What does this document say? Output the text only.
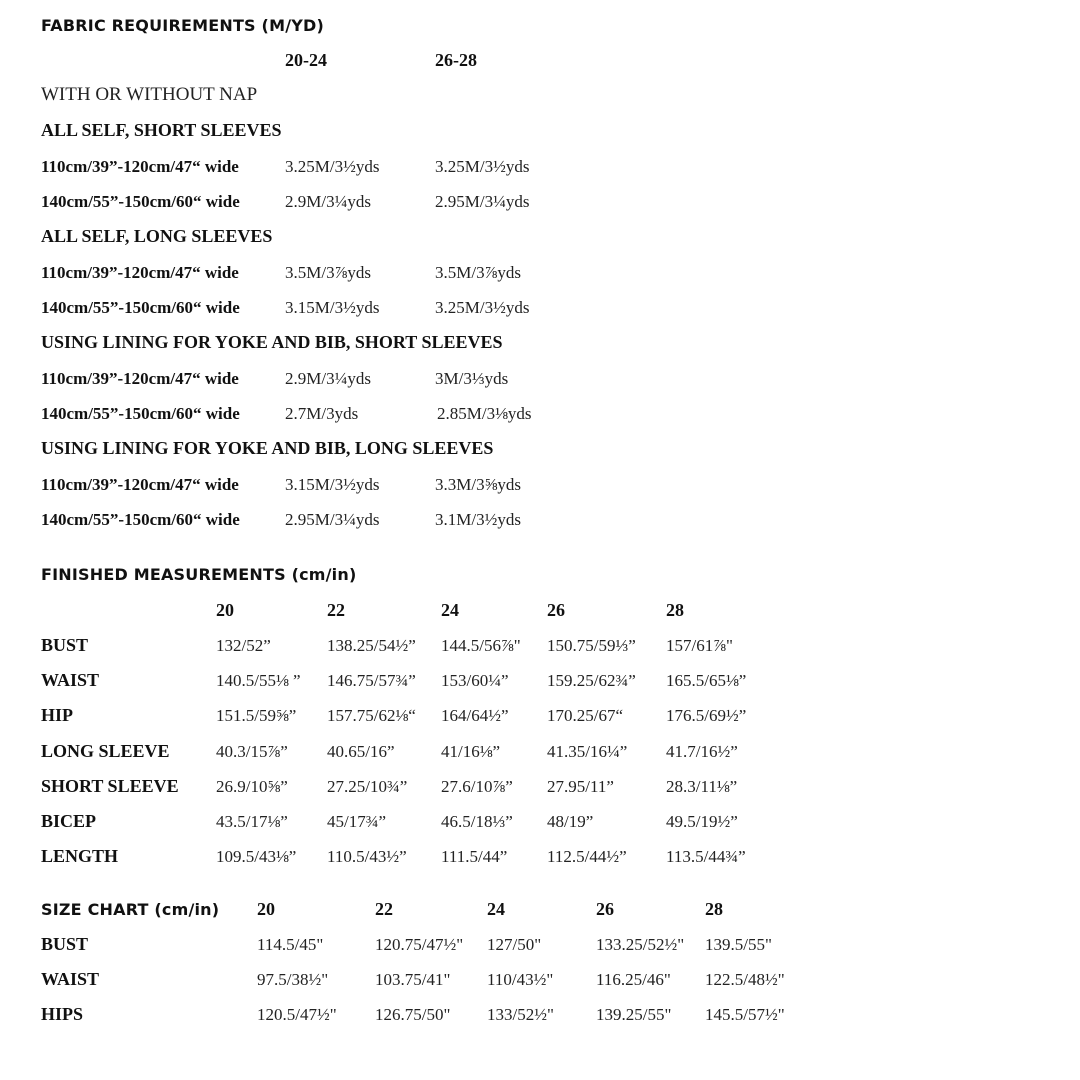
FABRIC REQUIREMENTS (M/YD)
20-24	26-28
WITH OR WITHOUT NAP
ALL SELF, SHORT SLEEVES
110cm/39”-120cm/47“ wide	3.25M/3½yds	3.25M/3½yds
140cm/55”-150cm/60“ wide	2.9M/3¼yds	2.95M/3¼yds
ALL SELF, LONG SLEEVES
110cm/39”-120cm/47“ wide	3.5M/3⅞yds	3.5M/3⅞yds
140cm/55”-150cm/60“ wide	3.15M/3½yds	3.25M/3½yds
USING LINING FOR YOKE AND BIB, SHORT SLEEVES
110cm/39”-120cm/47“ wide	2.9M/3¼yds	3M/3⅓yds
140cm/55”-150cm/60“ wide	2.7M/3yds	2.85M/3⅛yds
USING LINING FOR YOKE AND BIB, LONG SLEEVES
110cm/39”-120cm/47“ wide	3.15M/3½yds	3.3M/3⅝yds
140cm/55”-150cm/60“ wide	2.95M/3¼yds	3.1M/3½yds
FINISHED MEASUREMENTS (cm/in)
20	22	24	26	28
BUST	132/52”	138.25/54½” 144.5/56⅞" 150.75/59⅓” 157/61⅞"
WAIST	140.5/55⅛ ” 146.75/57¾” 153/60¼” 159.25/62¾” 165.5/65⅛”
HIP	151.5/59⅝” 157.75/62⅛“ 164/64½” 170.25/67“	176.5/69½”
LONG SLEEVE	40.3/15⅞” 40.65/16”	41/16⅛”	41.35/16¼” 41.7/16½”
SHORT SLEEVE 26.9/10⅝” 27.25/10¾” 27.6/10⅞” 27.95/11”	28.3/11⅛”
BICEP	43.5/17⅛” 45/17¾”	46.5/18⅓” 48/19”	49.5/19½”
LENGTH	109.5/43⅛” 110.5/43½” 111.5/44” 112.5/44½” 113.5/44¾”
SIZE CHART (cm/in) 20	22	24	26	28
BUST	114.5/45"	120.75/47½" 127/50"	133.25/52½" 139.5/55"
WAIST	97.5/38½"	103.75/41" 110/43½"	116.25/46" 122.5/48½"
HIPS	120.5/47½" 126.75/50" 133/52½" 139.25/55" 145.5/57½"
